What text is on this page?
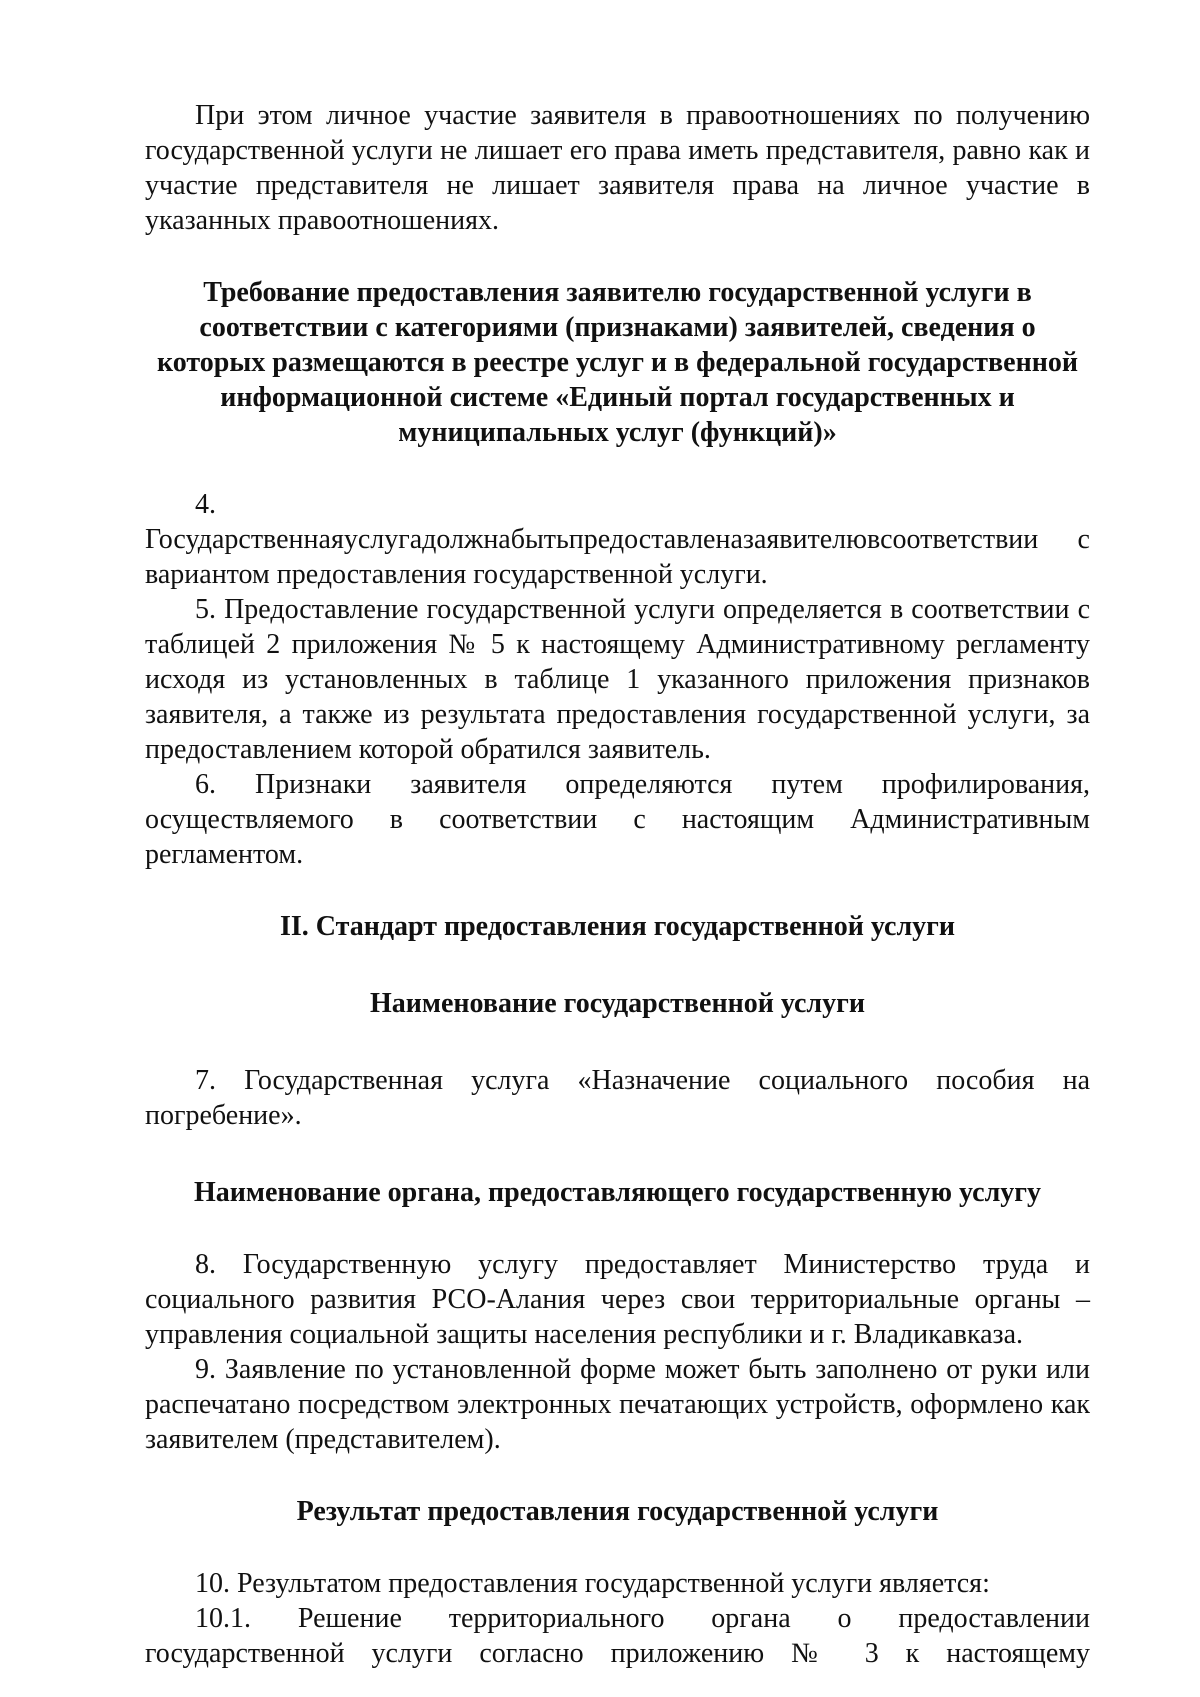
При этом личное участие заявителя в правоотношениях по получению государственной услуги не лишает его права иметь представителя, равно как и участие представителя не лишает заявителя права на личное участие в указанных правоотношениях.

Требование предоставления заявителю государственной услуги в соответствии с категориями (признаками) заявителей, сведения о которых размещаются в реестре услуг и в федеральной государственной информационной системе «Единый портал государственных и муниципальных услуг (функций)»

4. Государственнаяуслугадолжнабытьпредоставленазаявителювсоответствии с вариантом предоставления государственной услуги.

5. Предоставление государственной услуги определяется в соответствии с таблицей 2 приложения № 5 к настоящему Административному регламенту исходя из установленных в таблице 1 указанного приложения признаков заявителя, а также из результата предоставления государственной услуги, за предоставлением которой обратился заявитель.

6. Признаки заявителя определяются путем профилирования, осуществляемого в соответствии с настоящим Административным регламентом.

II. Стандарт предоставления государственной услуги

Наименование государственной услуги

7. Государственная услуга «Назначение социального пособия на погребение».

Наименование органа, предоставляющего государственную услугу

8. Государственную услугу предоставляет Министерство труда и социального развития РСО-Алания через свои территориальные органы – управления социальной защиты населения республики и г. Владикавказа.

9. Заявление по установленной форме может быть заполнено от руки или распечатано посредством электронных печатающих устройств, оформлено как заявителем (представителем).

Результат предоставления государственной услуги

10. Результатом предоставления государственной услуги является:

10.1. Решение территориального органа о предоставлении государственной услуги согласно приложению № 3 к настоящему
